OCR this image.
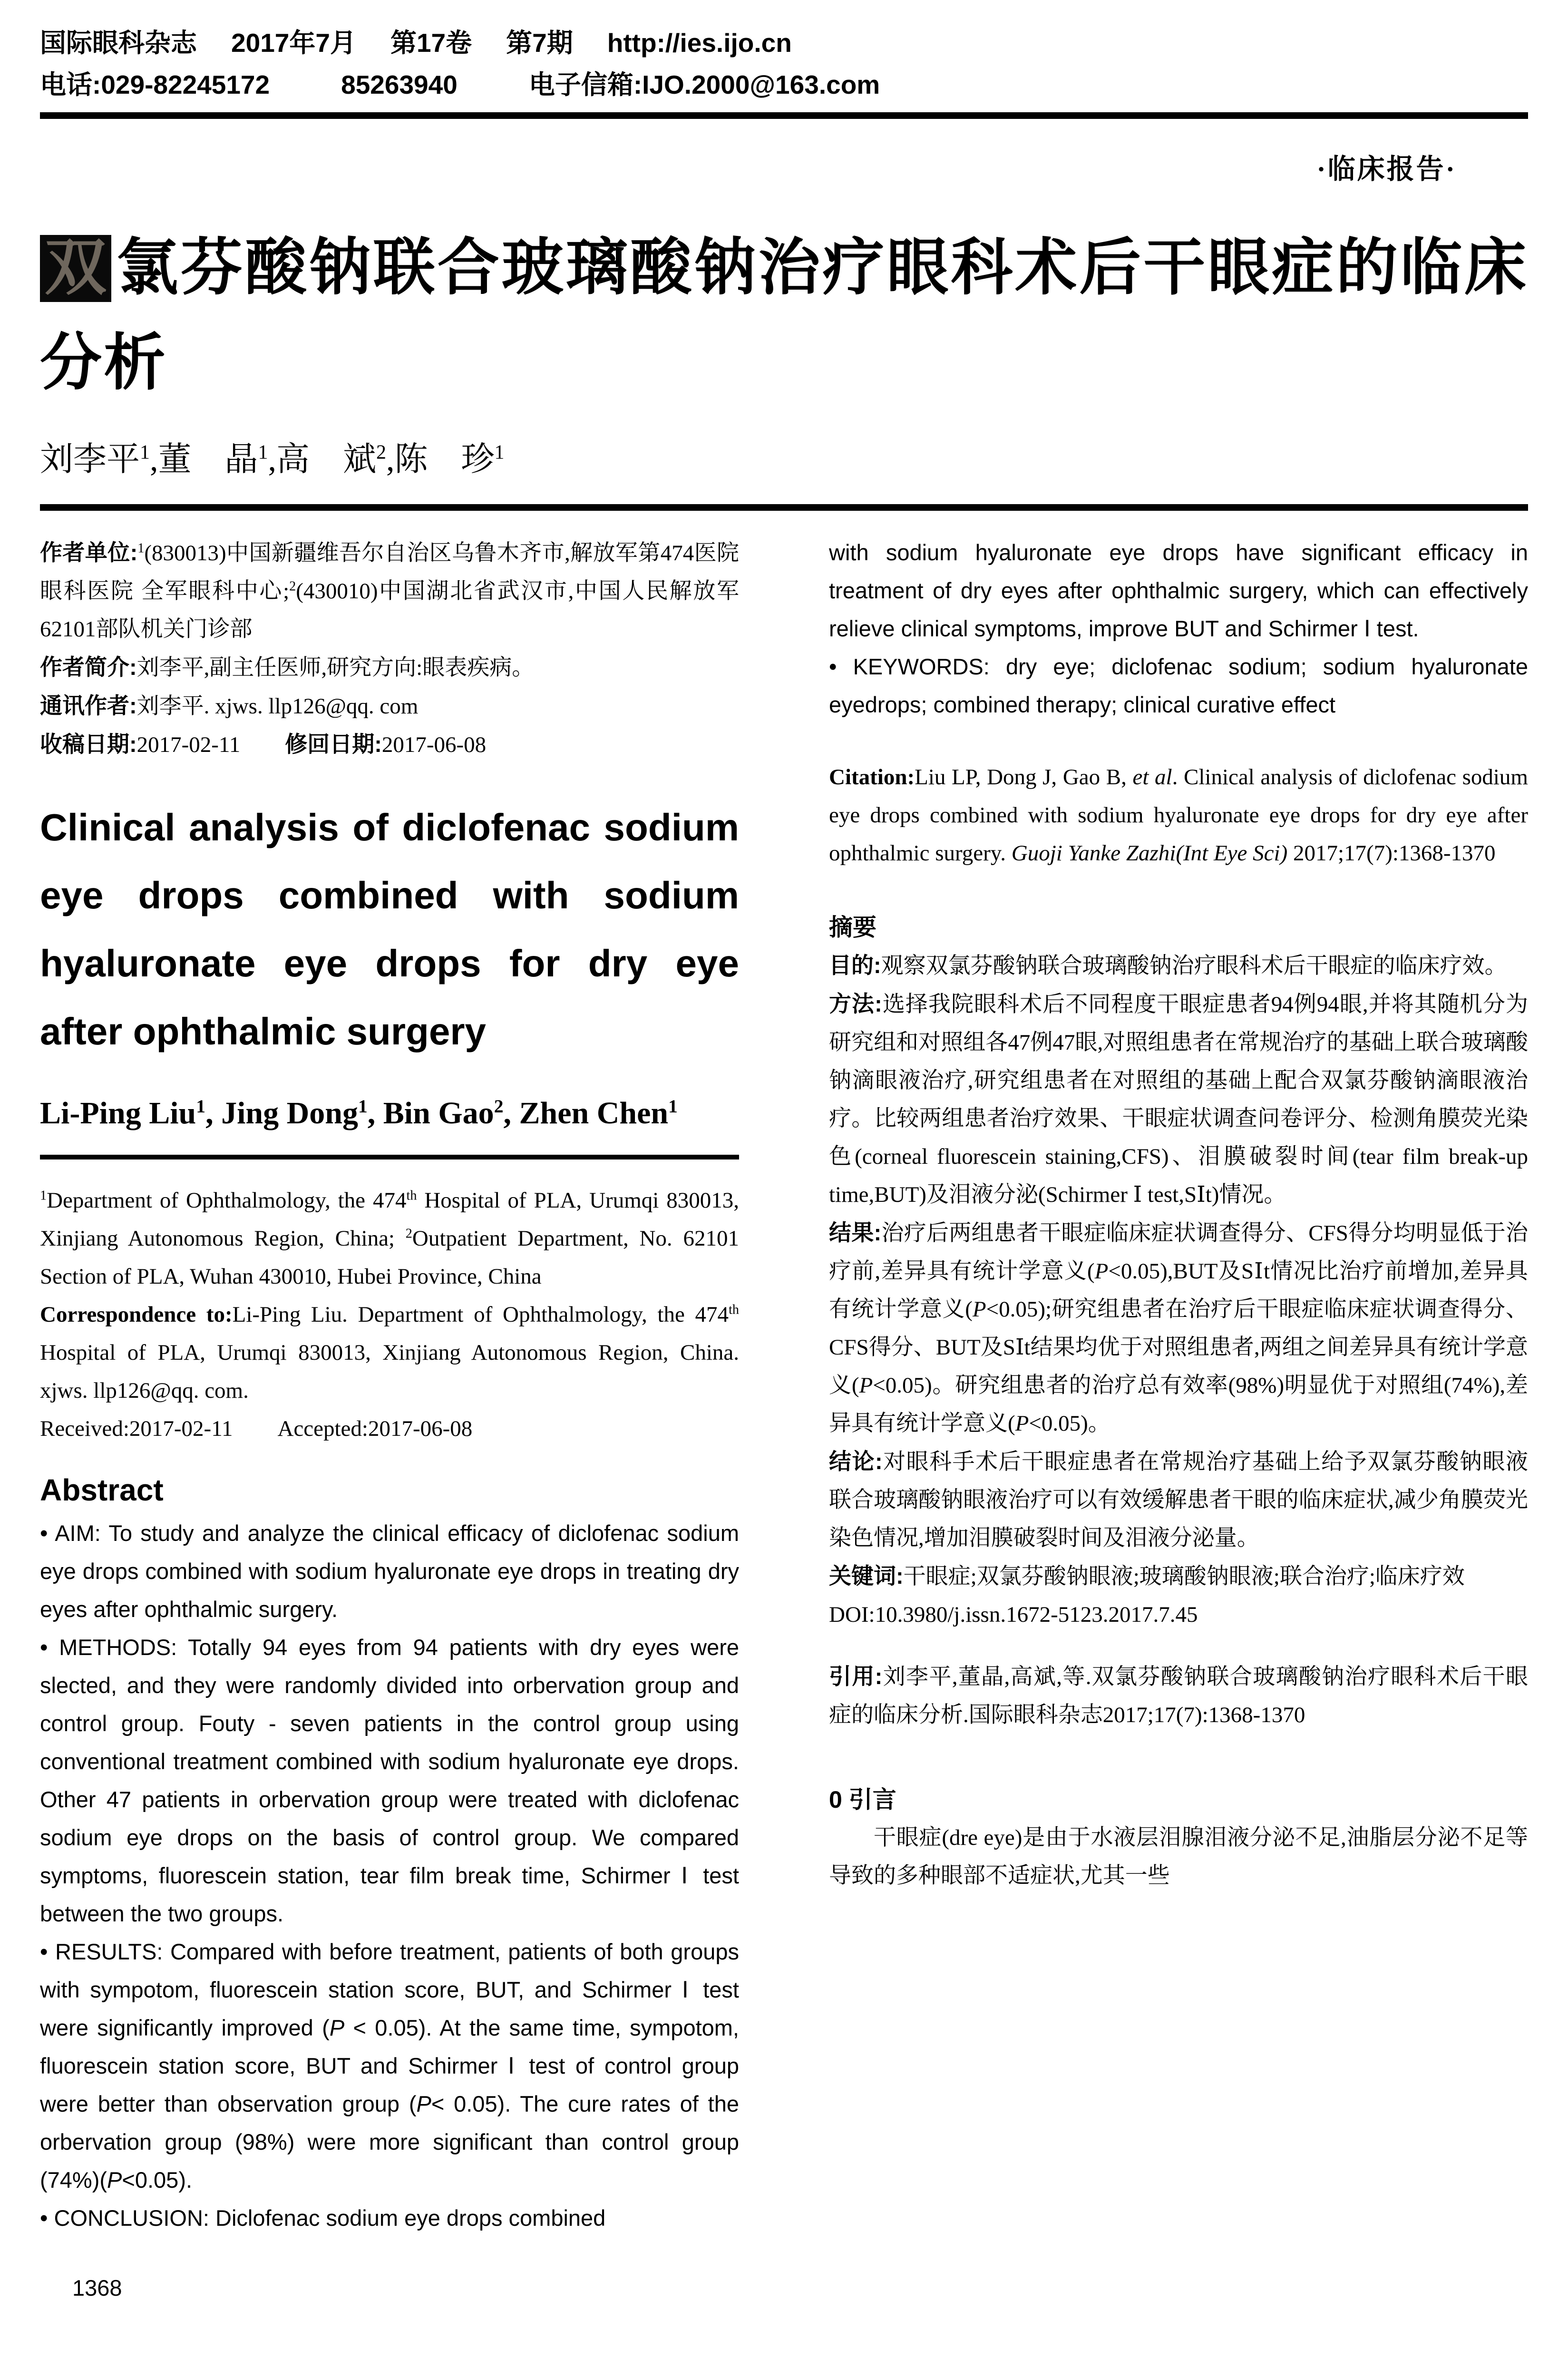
国际眼科杂志 2017年7月 第17卷 第7期 http://ies.ijo.cn
电话:029-82245172	85263940	电子信箱:IJO.2000@163.com
·临床报告·
双 氯芬酸钠联合玻璃酸钠治疗眼科术后干眼症的临床分析
刘李平$^1$,董　晶$^1$,高　斌$^2$,陈　珍$^1$
作者单位:$^1$(830013)中国新疆维吾尔自治区乌鲁木齐市,解放军第474医院眼科医院 全军眼科中心;$^2$(430010)中国湖北省武汉市,中国人民解放军62101部队机关门诊部
作者简介:刘李平,副主任医师,研究方向:眼表疾病。
通讯作者:刘李平. xjws. llp126@qq. com
收稿日期:2017-02-11　　修回日期:2017-06-08
Clinical analysis of diclofenac sodium eye drops combined with sodium hyaluronate eye drops for dry eye after ophthalmic surgery
Li-Ping Liu$^1$, Jing Dong$^1$, Bin Gao$^2$, Zhen Chen$^1$
$^1$Department of Ophthalmology, the 474th Hospital of PLA, Urumqi 830013, Xinjiang Autonomous Region, China; $^2$Outpatient Department, No. 62101 Section of PLA, Wuhan 430010, Hubei Province, China
Correspondence to:Li-Ping Liu. Department of Ophthalmology, the 474th Hospital of PLA, Urumqi 830013, Xinjiang Autonomous Region, China. xjws. llp126@qq. com.
Received:2017-02-11　　Accepted:2017-06-08
Abstract
• AIM: To study and analyze the clinical efficacy of diclofenac sodium eye drops combined with sodium hyaluronate eye drops in treating dry eyes after ophthalmic surgery.
• METHODS: Totally 94 eyes from 94 patients with dry eyes were slected, and they were randomly divided into orbervation group and control group. Fouty - seven patients in the control group using conventional treatment combined with sodium hyaluronate eye drops. Other 47 patients in orbervation group were treated with diclofenac sodium eye drops on the basis of control group. We compared symptoms, fluorescein station, tear film break time, Schirmer Ⅰ test between the two groups.
• RESULTS: Compared with before treatment, patients of both groups with sympotom, fluorescein station score, BUT, and Schirmer Ⅰ test were significantly improved (P < 0.05). At the same time, sympotom, fluorescein station score, BUT and Schirmer Ⅰ test of control group were better than observation group (P< 0.05). The cure rates of the orbervation group (98%) were more significant than control group (74%)(P<0.05).
• CONCLUSION: Diclofenac sodium eye drops combined
with sodium hyaluronate eye drops have significant efficacy in treatment of dry eyes after ophthalmic surgery, which can effectively relieve clinical symptoms, improve BUT and Schirmer Ⅰ test.
• KEYWORDS: dry eye; diclofenac sodium; sodium hyaluronate eyedrops; combined therapy; clinical curative effect
Citation:Liu LP, Dong J, Gao B, et al. Clinical analysis of diclofenac sodium eye drops combined with sodium hyaluronate eye drops for dry eye after ophthalmic surgery. Guoji Yanke Zazhi(Int Eye Sci) 2017;17(7):1368-1370
摘要
目的:观察双氯芬酸钠联合玻璃酸钠治疗眼科术后干眼症的临床疗效。
方法:选择我院眼科术后不同程度干眼症患者94例94眼,并将其随机分为研究组和对照组各47例47眼,对照组患者在常规治疗的基础上联合玻璃酸钠滴眼液治疗,研究组患者在对照组的基础上配合双氯芬酸钠滴眼液治疗。比较两组患者治疗效果、干眼症状调查问卷评分、检测角膜荧光染色(corneal fluorescein staining,CFS)、泪膜破裂时间(tear film break-up time,BUT)及泪液分泌(Schirmer Ⅰ test,SⅠt)情况。
结果:治疗后两组患者干眼症临床症状调查得分、CFS得分均明显低于治疗前,差异具有统计学意义(P<0.05),BUT及SⅠt情况比治疗前增加,差异具有统计学意义(P<0.05);研究组患者在治疗后干眼症临床症状调查得分、CFS得分、BUT及SⅠt结果均优于对照组患者,两组之间差异具有统计学意义(P<0.05)。研究组患者的治疗总有效率(98%)明显优于对照组(74%),差异具有统计学意义(P<0.05)。
结论:对眼科手术后干眼症患者在常规治疗基础上给予双氯芬酸钠眼液联合玻璃酸钠眼液治疗可以有效缓解患者干眼的临床症状,减少角膜荧光染色情况,增加泪膜破裂时间及泪液分泌量。
关键词:干眼症;双氯芬酸钠眼液;玻璃酸钠眼液;联合治疗;临床疗效
DOI:10.3980/j.issn.1672-5123.2017.7.45
引用:刘李平,董晶,高斌,等.双氯芬酸钠联合玻璃酸钠治疗眼科术后干眼症的临床分析.国际眼科杂志2017;17(7):1368-1370
0 引言
干眼症(dre eye)是由于水液层泪腺泪液分泌不足,油脂层分泌不足等导致的多种眼部不适症状,尤其一些
1368
